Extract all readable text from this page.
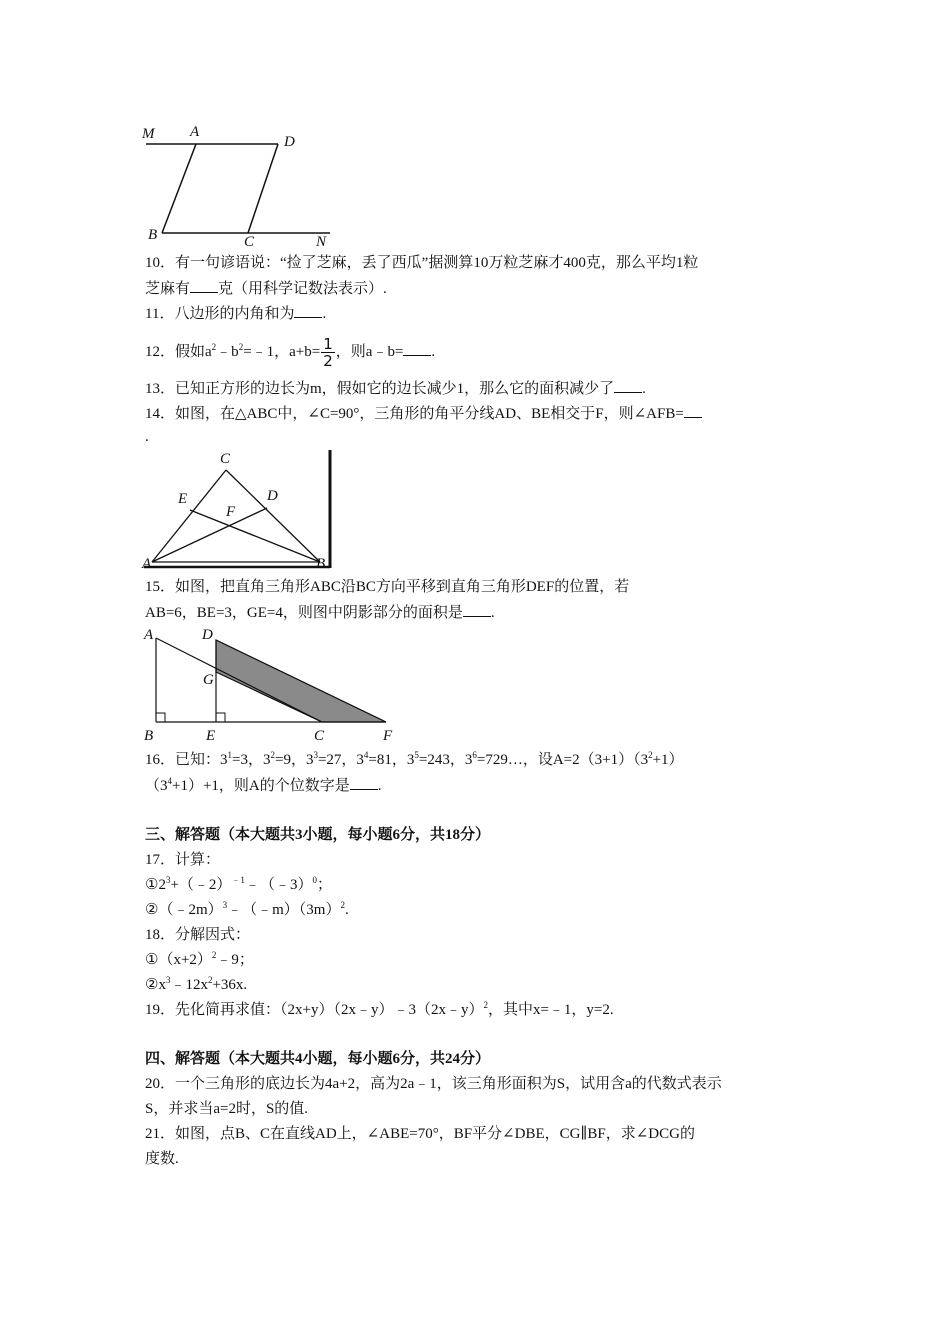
M A
D
B	C	N
10．有一句谚语说：“捡了芝麻，丢了西瓜”据测算10万粒芝麻才400克，那么平均1粒
芝麻有 克（用科学记数法表示）.
11．八边形的内角和为 .
12．假如$a^2﹣b^2=﹣1$，$a+b= \frac{1}{2}$ ，则a﹣b= .
13．已知正方形的边长为m，假如它的边长减少1，那么它的面积减少了 .
14．如图，在△ABC中，∠C=90°，三角形的角平分线AD、BE相交于F，则∠AFB=
.
C
E	D
F
A	B
15．如图，把直角三角形ABC沿BC方向平移到直角三角形DEF的位置，若
AB=6，BE=3，GE=4，则图中阴影部分的面积是 .
A	D
G
B	E	C	F
16．已知：$3^1=3$，$3^2=9$，$3^3=27$，$3^4=81$，$3^5=243$，$3^6=729\dots$，设$A=2(3+1)(3^2+1)$
$(3^4+1)+1$，则A的个位数字是 .
三、解答题（本大题共3小题，每小题6分，共18分）
17．计算：
$①2^3+(﹣2)^{﹣1}﹣(﹣3)^0$；
$②(﹣2m)^3﹣(﹣m)(3m)^2$.
18．分解因式：
$①(x+2)^2﹣9$；
$②x^3﹣12x^2+36x$.
19．先化简再求值：（2x+y）（2x﹣y）﹣3（2x﹣y）$^2$，其中x=﹣1，y=2.
四、解答题（本大题共4小题，每小题6分，共24分）
20．一个三角形的底边长为4a+2，高为2a﹣1，该三角形面积为S，试用含a的代数式表示
S，并求当a=2时，S的值.
21．如图，点B、C在直线AD上，∠ABE=70°，BF平分∠DBE，CG∥BF，求∠DCG的
度数.
